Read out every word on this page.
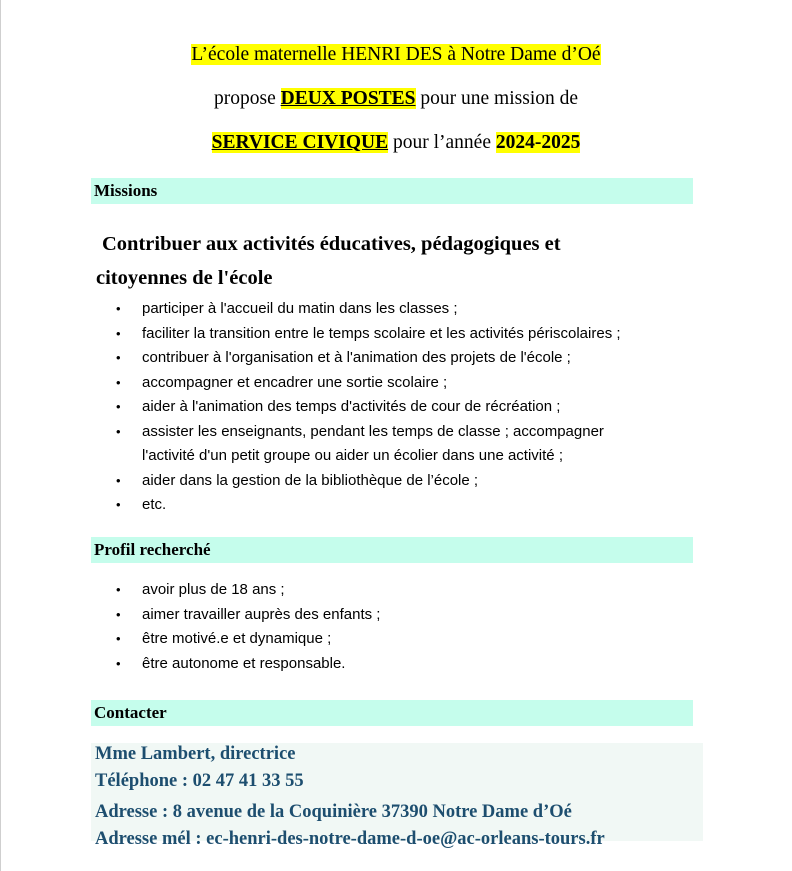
L’école maternelle HENRI DES à Notre Dame d’Oé
propose DEUX POSTES pour une mission de
SERVICE CIVIQUE pour l’année 2024-2025
Missions
Contribuer aux activités éducatives, pédagogiques et
citoyennes de l'école
• participer à l'accueil du matin dans les classes ;
• faciliter la transition entre le temps scolaire et les activités périscolaires ;
• contribuer à l'organisation et à l'animation des projets de l'école ;
• accompagner et encadrer une sortie scolaire ;
• aider à l'animation des temps d'activités de cour de récréation ;
• assister les enseignants, pendant les temps de classe ; accompagner l'activité d'un petit groupe ou aider un écolier dans une activité ;
• aider dans la gestion de la bibliothèque de l’école ;
• etc.
Profil recherché
• avoir plus de 18 ans ;
• aimer travailler auprès des enfants ;
• être motivé.e et dynamique ;
• être autonome et responsable.
Contacter
Mme Lambert, directrice
Téléphone : 02 47 41 33 55
Adresse : 8 avenue de la Coquinière 37390 Notre Dame d’Oé
Adresse mél : ec-henri-des-notre-dame-d-oe@ac-orleans-tours.fr
